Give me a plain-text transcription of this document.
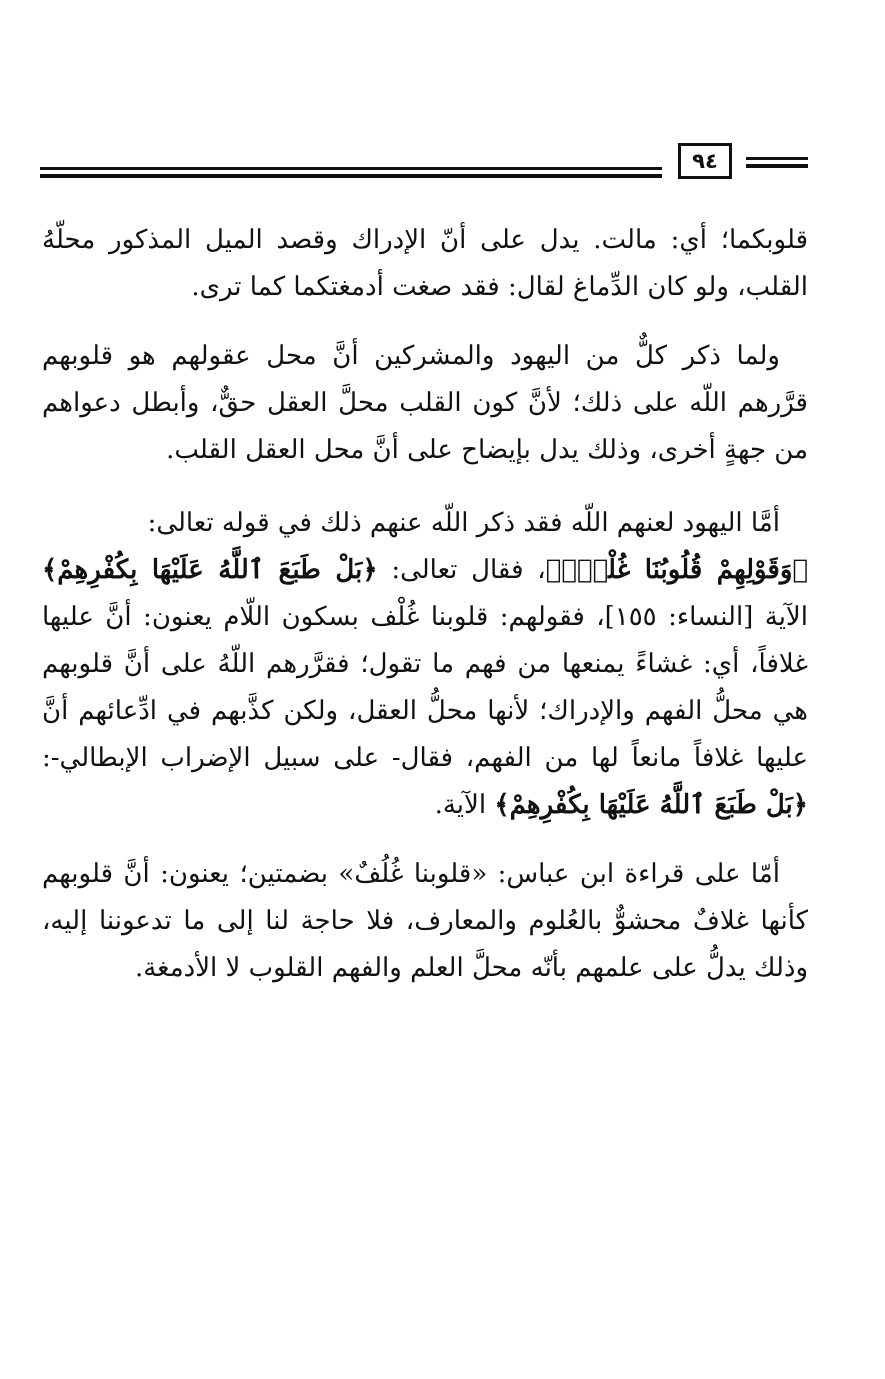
٩٤

قلوبكما؛ أي: مالت. يدل على أنّ الإدراك وقصد الميل المذكور محلّهُ القلب، ولو كان الدِّماغ لقال: فقد صغت أدمغتكما كما ترى.

ولما ذكر كلٌّ من اليهود والمشركين أنَّ محل عقولهم هو قلوبهم قرَّرهم اللّه على ذلك؛ لأنَّ كون القلب محلَّ العقل حقٌّ، وأبطل دعواهم من جهةٍ أخرى، وذلك يدل بإيضاح على أنَّ محل العقل القلب.

أمَّا اليهود لعنهم اللّه فقد ذكر اللّه عنهم ذلك في قوله تعالى:
﴿وَقَوْلِهِمْ قُلُوبُنَا غُلْفٌۢ﴾، فقال تعالى: ﴿بَلْ طَبَعَ ٱللَّهُ عَلَيْهَا بِكُفْرِهِمْ﴾ الآية [النساء: ١٥٥]، فقولهم: قلوبنا غُلْف بسكون اللّام يعنون: أنَّ عليها غلافاً، أي: غشاءً يمنعها من فهم ما تقول؛ فقرَّرهم اللّهُ على أنَّ قلوبهم هي محلُّ الفهم والإدراك؛ لأنها محلُّ العقل، ولكن كذَّبهم في ادِّعائهم أنَّ عليها غلافاً مانعاً لها من الفهم، فقال- على سبيل الإضراب الإبطالي-: ﴿بَلْ طَبَعَ ٱللَّهُ عَلَيْهَا بِكُفْرِهِمْ﴾ الآية.

أمّا على قراءة ابن عباس: «قلوبنا غُلُفٌ» بضمتين؛ يعنون: أنَّ قلوبهم كأنها غلافٌ محشوٌّ بالعُلوم والمعارف، فلا حاجة لنا إلى ما تدعوننا إليه، وذلك يدلُّ على علمهم بأنّه محلَّ العلم والفهم القلوب لا الأدمغة.
